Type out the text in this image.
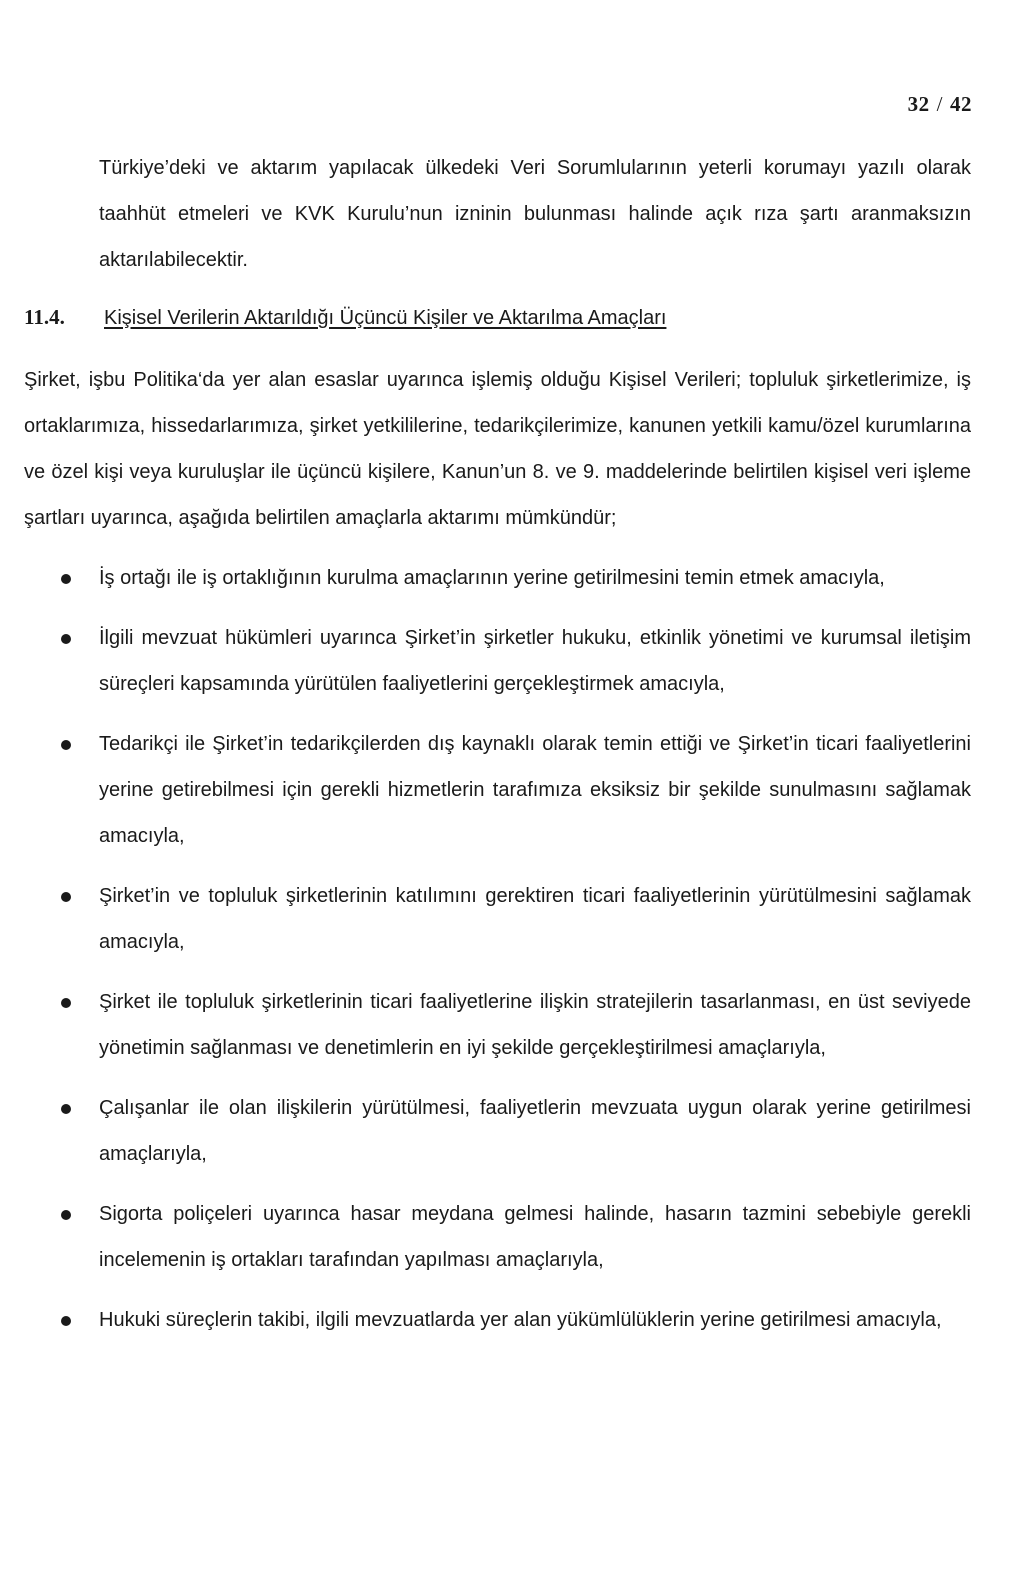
32 / 42

Türkiye’deki ve aktarım yapılacak ülkedeki Veri Sorumlularının yeterli korumayı yazılı olarak taahhüt etmeleri ve KVK Kurulu’nun izninin bulunması halinde açık rıza şartı aranmaksızın aktarılabilecektir.

11.4.	Kişisel Verilerin Aktarıldığı Üçüncü Kişiler ve Aktarılma Amaçları

Şirket, işbu Politika‘da yer alan esaslar uyarınca işlemiş olduğu Kişisel Verileri; topluluk şirketlerimize, iş ortaklarımıza, hissedarlarımıza, şirket yetkililerine, tedarikçilerimize, kanunen yetkili kamu/özel kurumlarına ve özel kişi veya kuruluşlar ile üçüncü kişilere, Kanun’un 8. ve 9. maddelerinde belirtilen kişisel veri işleme şartları uyarınca, aşağıda belirtilen amaçlarla aktarımı mümkündür;

İş ortağı ile iş ortaklığının kurulma amaçlarının yerine getirilmesini temin etmek amacıyla,
İlgili mevzuat hükümleri uyarınca Şirket’in şirketler hukuku, etkinlik yönetimi ve kurumsal iletişim süreçleri kapsamında yürütülen faaliyetlerini gerçekleştirmek amacıyla,
Tedarikçi ile Şirket’in tedarikçilerden dış kaynaklı olarak temin ettiği ve Şirket’in ticari faaliyetlerini yerine getirebilmesi için gerekli hizmetlerin tarafımıza eksiksiz bir şekilde sunulmasını sağlamak amacıyla,
Şirket’in ve topluluk şirketlerinin katılımını gerektiren ticari faaliyetlerinin yürütülmesini sağlamak amacıyla,
Şirket ile topluluk şirketlerinin ticari faaliyetlerine ilişkin stratejilerin tasarlanması, en üst seviyede yönetimin sağlanması ve denetimlerin en iyi şekilde gerçekleştirilmesi amaçlarıyla,
Çalışanlar ile olan ilişkilerin yürütülmesi, faaliyetlerin mevzuata uygun olarak yerine getirilmesi amaçlarıyla,
Sigorta poliçeleri uyarınca hasar meydana gelmesi halinde, hasarın tazmini sebebiyle gerekli incelemenin iş ortakları tarafından yapılması amaçlarıyla,
Hukuki süreçlerin takibi, ilgili mevzuatlarda yer alan yükümlülüklerin yerine getirilmesi amacıyla,
